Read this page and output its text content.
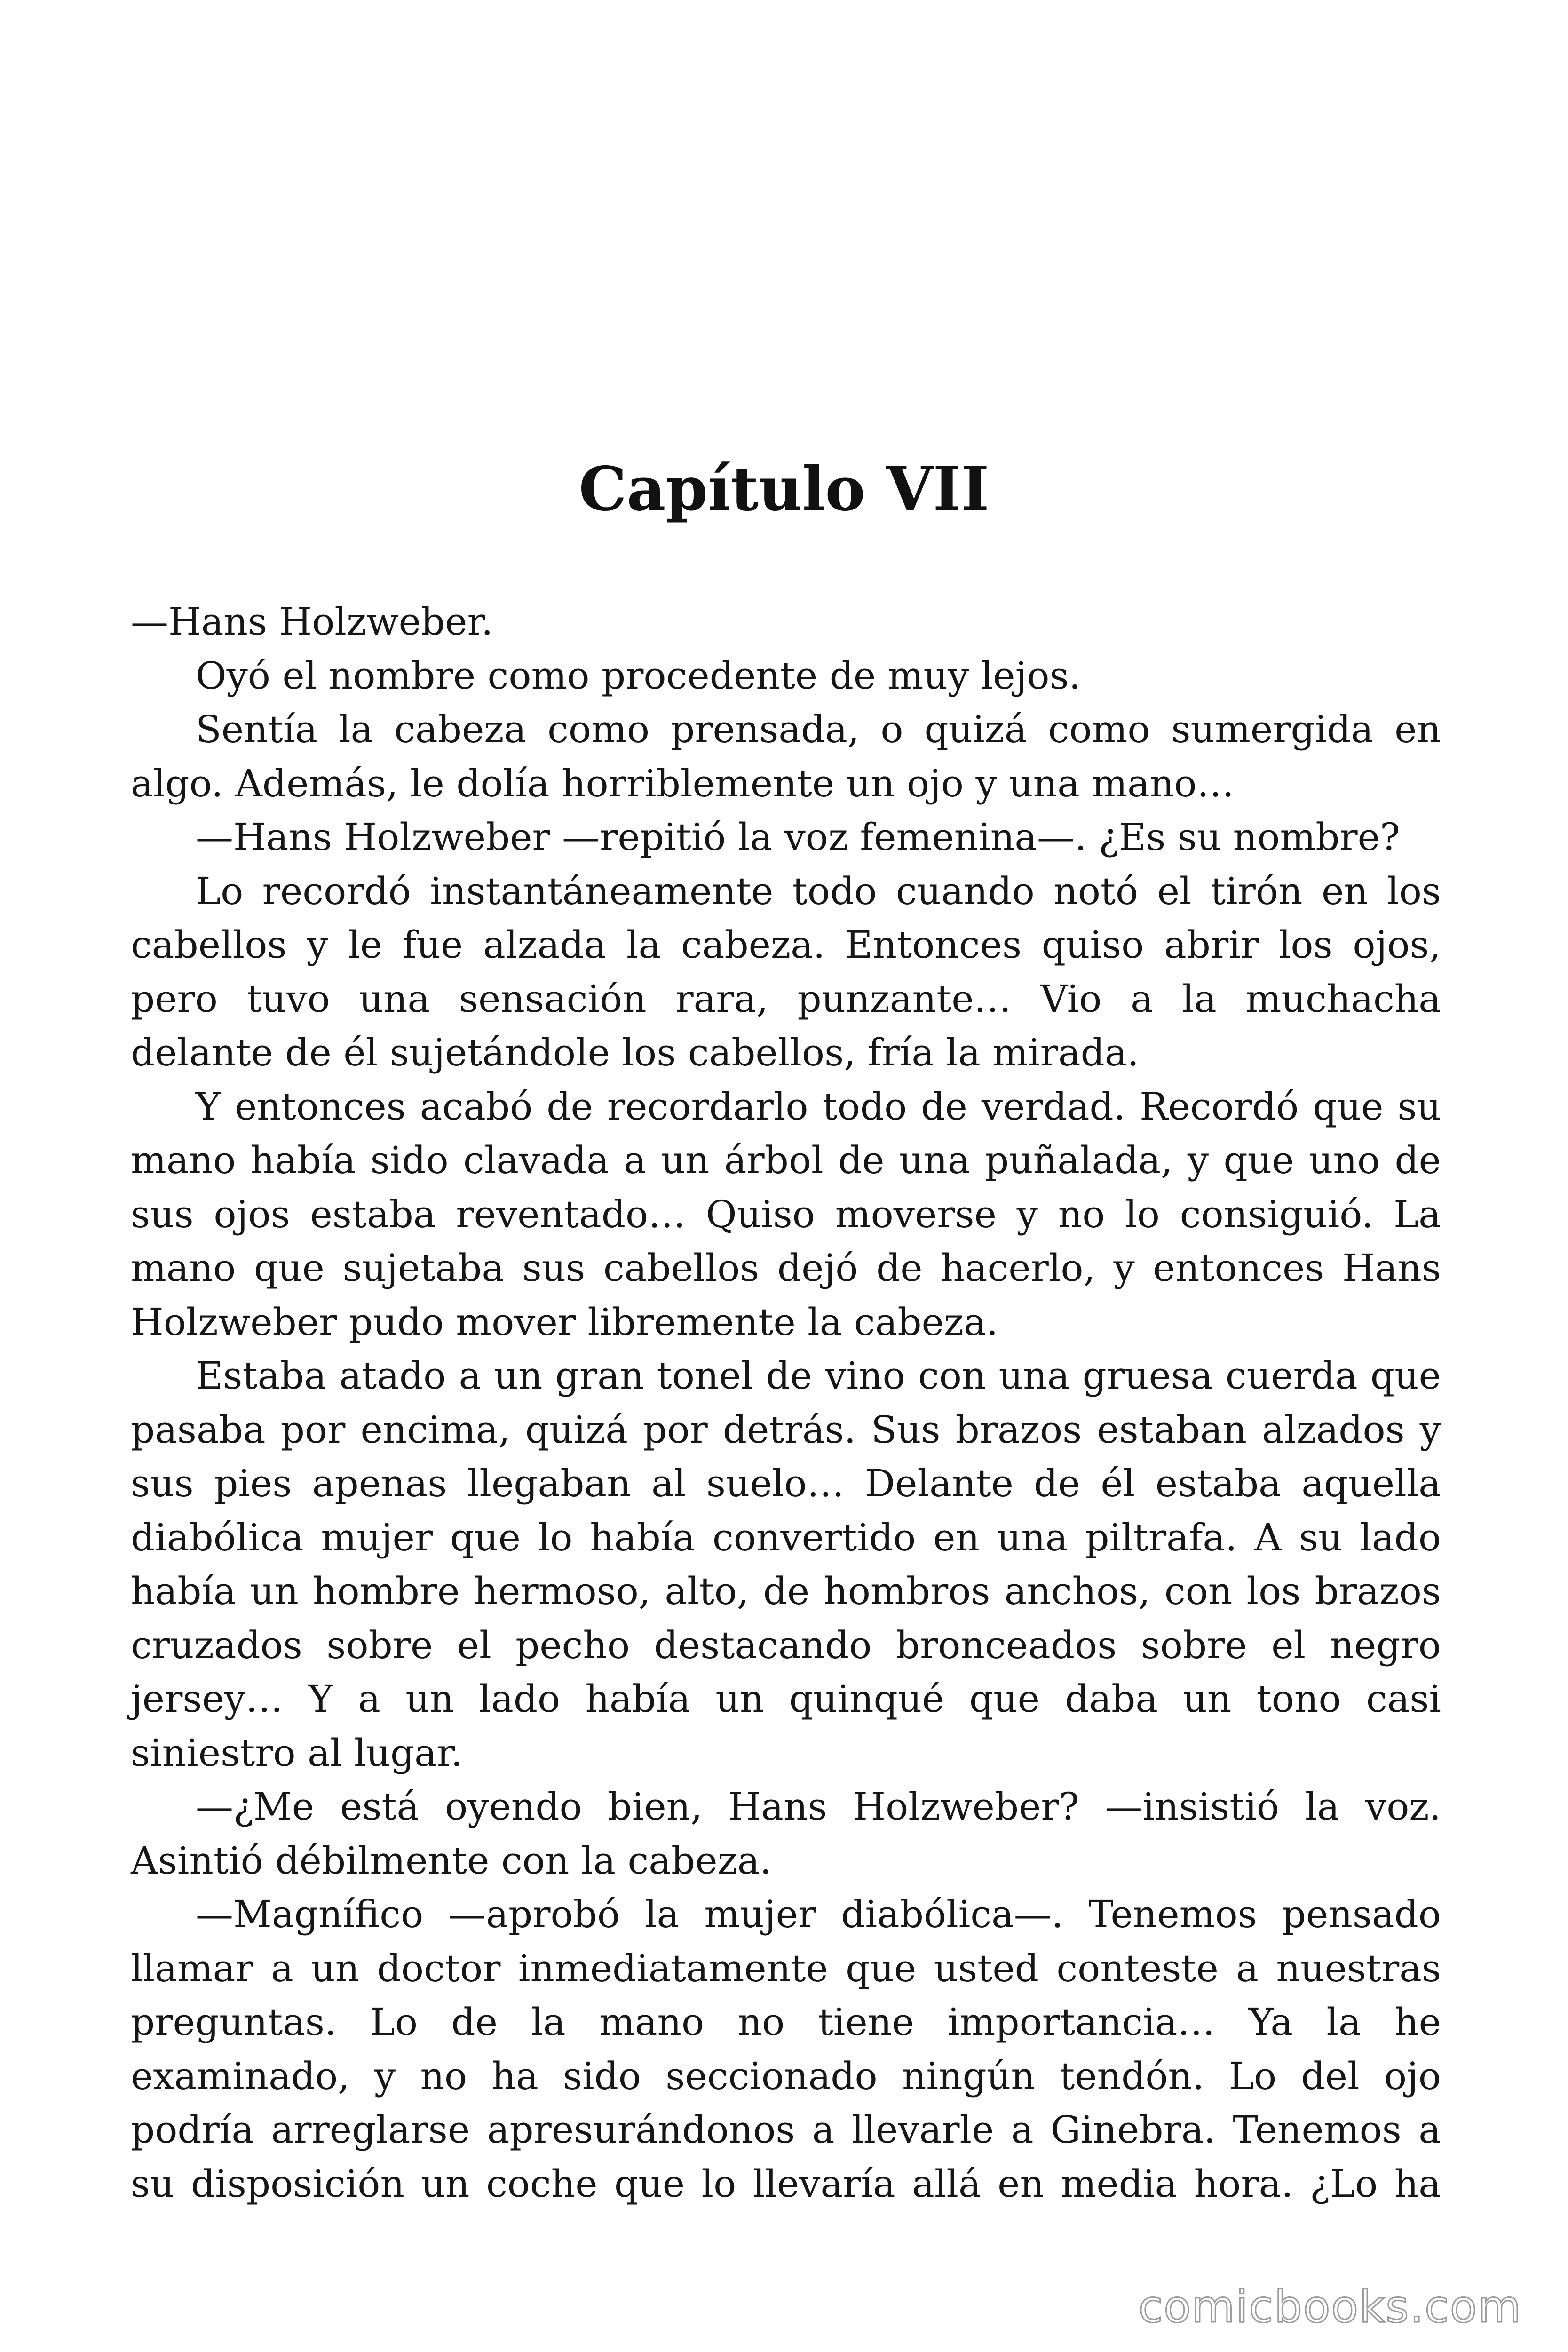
Capítulo VII

—Hans Holzweber.

Oyó el nombre como procedente de muy lejos.

Sentía la cabeza como prensada, o quizá como sumergida en algo. Además, le dolía horriblemente un ojo y una mano…

—Hans Holzweber —repitió la voz femenina—. ¿Es su nombre?

Lo recordó instantáneamente todo cuando notó el tirón en los cabellos y le fue alzada la cabeza. Entonces quiso abrir los ojos, pero tuvo una sensación rara, punzante… Vio a la muchacha delante de él sujetándole los cabellos, fría la mirada.

Y entonces acabó de recordarlo todo de verdad. Recordó que su mano había sido clavada a un árbol de una puñalada, y que uno de sus ojos estaba reventado… Quiso moverse y no lo consiguió. La mano que sujetaba sus cabellos dejó de hacerlo, y entonces Hans Holzweber pudo mover libremente la cabeza.

Estaba atado a un gran tonel de vino con una gruesa cuerda que pasaba por encima, quizá por detrás. Sus brazos estaban alzados y sus pies apenas llegaban al suelo… Delante de él estaba aquella diabólica mujer que lo había convertido en una piltrafa. A su lado había un hombre hermoso, alto, de hombros anchos, con los brazos cruzados sobre el pecho destacando bronceados sobre el negro jersey… Y a un lado había un quinqué que daba un tono casi siniestro al lugar.

—¿Me está oyendo bien, Hans Holzweber? —insistió la voz. Asintió débilmente con la cabeza.

—Magnífico —aprobó la mujer diabólica—. Tenemos pensado llamar a un doctor inmediatamente que usted conteste a nuestras preguntas. Lo de la mano no tiene importancia… Ya la he examinado, y no ha sido seccionado ningún tendón. Lo del ojo podría arreglarse apresurándonos a llevarle a Ginebra. Tenemos a su disposición un coche que lo llevaría allá en media hora. ¿Lo ha

comicbooks.com
